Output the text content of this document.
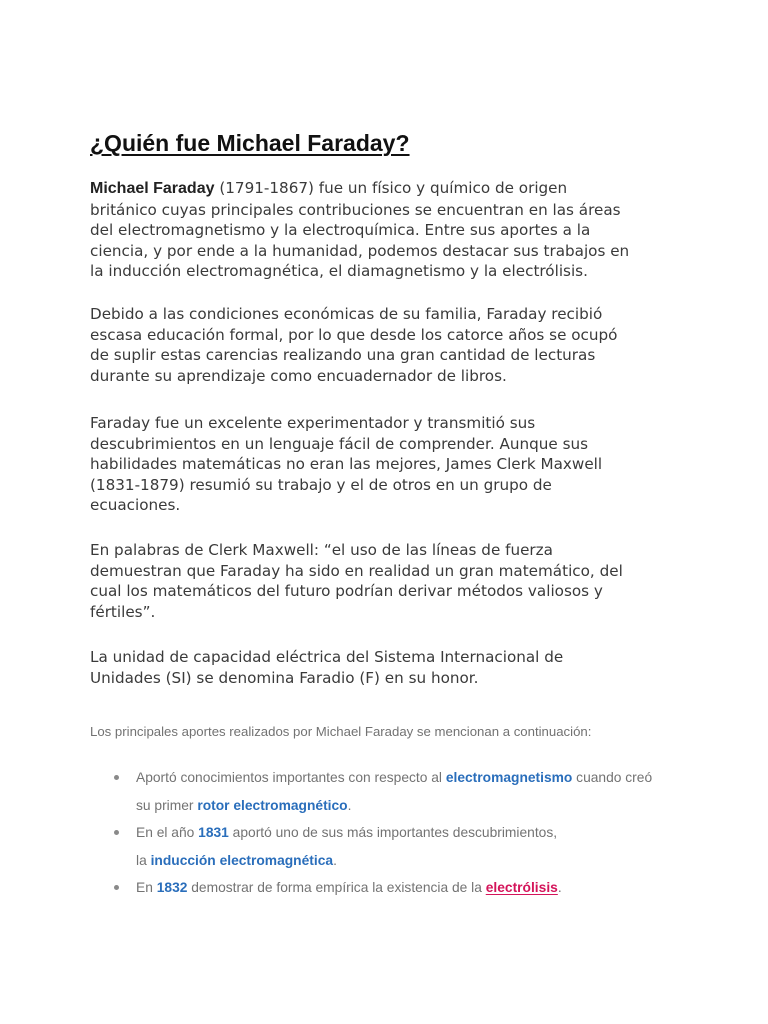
¿Quién fue Michael Faraday?

Michael Faraday (1791-1867) fue un físico y químico de origen
británico cuyas principales contribuciones se encuentran en las áreas
del electromagnetismo y la electroquímica. Entre sus aportes a la
ciencia, y por ende a la humanidad, podemos destacar sus trabajos en
la inducción electromagnética, el diamagnetismo y la electrólisis.

Debido a las condiciones económicas de su familia, Faraday recibió
escasa educación formal, por lo que desde los catorce años se ocupó
de suplir estas carencias realizando una gran cantidad de lecturas
durante su aprendizaje como encuadernador de libros.

Faraday fue un excelente experimentador y transmitió sus
descubrimientos en un lenguaje fácil de comprender. Aunque sus
habilidades matemáticas no eran las mejores, James Clerk Maxwell
(1831-1879) resumió su trabajo y el de otros en un grupo de
ecuaciones.

En palabras de Clerk Maxwell: “el uso de las líneas de fuerza
demuestran que Faraday ha sido en realidad un gran matemático, del
cual los matemáticos del futuro podrían derivar métodos valiosos y
fértiles”.

La unidad de capacidad eléctrica del Sistema Internacional de
Unidades (SI) se denomina Faradio (F) en su honor.

Los principales aportes realizados por Michael Faraday se mencionan a continuación:

Aportó conocimientos importantes con respecto al electromagnetismo cuando creó
su primer rotor electromagnético.
En el año 1831 aportó uno de sus más importantes descubrimientos,
la inducción electromagnética.
En 1832 demostrar de forma empírica la existencia de la electrólisis.
